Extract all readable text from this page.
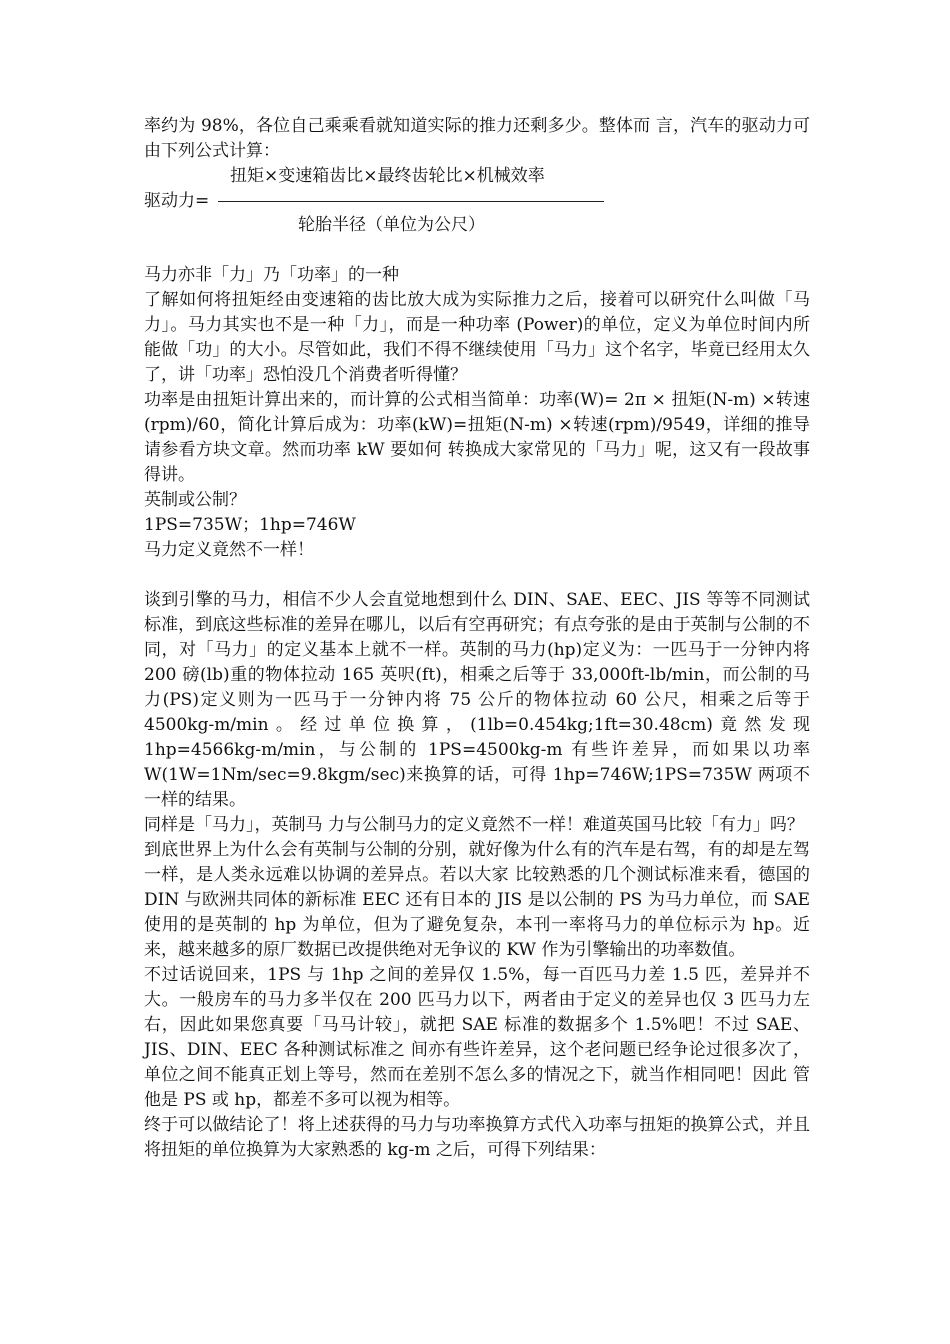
率约为 98%，各位自己乘乘看就知道实际的推力还剩多少。整体而 言，汽车的驱动力可由下列公式计算：

扭矩×变速箱齿比×最终齿轮比×机械效率
驱动力=
轮胎半径（单位为公尺）

马力亦非「力」乃「功率」的一种

了解如何将扭矩经由变速箱的齿比放大成为实际推力之后，接着可以研究什么叫做「马力」。马力其实也不是一种「力」，而是一种功率 (Power)的单位，定义为单位时间内所能做「功」的大小。尽管如此，我们不得不继续使用「马力」这个名字，毕竟已经用太久了，讲「功率」恐怕没几个消费者听得懂？

功率是由扭矩计算出来的，而计算的公式相当简单：功率(W)= 2π × 扭矩(N-m) ×转速(rpm)/60，简化计算后成为：功率(kW)=扭矩(N-m) ×转速(rpm)/9549，详细的推导请参看方块文章。然而功率 kW 要如何 转换成大家常见的「马力」呢，这又有一段故事得讲。

英制或公制？

1PS=735W；1hp=746W

马力定义竟然不一样！

谈到引擎的马力，相信不少人会直觉地想到什么 DIN、SAE、EEC、JIS 等等不同测试标准，到底这些标准的差异在哪儿，以后有空再研究；有点夸张的是由于英制与公制的不同，对「马力」的定义基本上就不一样。英制的马力(hp)定义为：一匹马于一分钟内将 200 磅(lb)重的物体拉动 165 英呎(ft)，相乘之后等于 33,000ft-lb/min，而公制的马力(PS)定义则为一匹马于一分钟内将 75 公斤的物体拉动 60 公尺，相乘之后等于 4500kg-m/min。经过单位换算，(1lb=0.454kg;1ft=30.48cm)竟然发现 1hp=4566kg-m/min，与公制的 1PS=4500kg-m 有些许差异，而如果以功率 W(1W=1Nm/sec=9.8kgm/sec)来换算的话，可得 1hp=746W;1PS=735W 两项不一样的结果。

同样是「马力」，英制马 力与公制马力的定义竟然不一样！难道英国马比较「有力」吗？

到底世界上为什么会有英制与公制的分别，就好像为什么有的汽车是右驾，有的却是左驾一样，是人类永远难以协调的差异点。若以大家 比较熟悉的几个测试标准来看，德国的 DIN 与欧洲共同体的新标准 EEC 还有日本的 JIS 是以公制的 PS 为马力单位，而 SAE 使用的是英制的 hp 为单位，但为了避免复杂，本刊一率将马力的单位标示为 hp。近来，越来越多的原厂数据已改提供绝对无争议的 KW 作为引擎输出的功率数值。

不过话说回来，1PS 与 1hp 之间的差异仅 1.5%，每一百匹马力差 1.5 匹，差异并不大。一般房车的马力多半仅在 200 匹马力以下，两者由于定义的差异也仅 3 匹马力左右，因此如果您真要「马马计较」，就把 SAE 标准的数据多个 1.5%吧！不过 SAE、JIS、DIN、EEC 各种测试标准之 间亦有些许差异，这个老问题已经争论过很多次了，单位之间不能真正划上等号，然而在差别不怎么多的情况之下，就当作相同吧！因此 管他是 PS 或 hp，都差不多可以视为相等。

终于可以做结论了！将上述获得的马力与功率换算方式代入功率与扭矩的换算公式，并且将扭矩的单位换算为大家熟悉的 kg-m 之后，可得下列结果：
